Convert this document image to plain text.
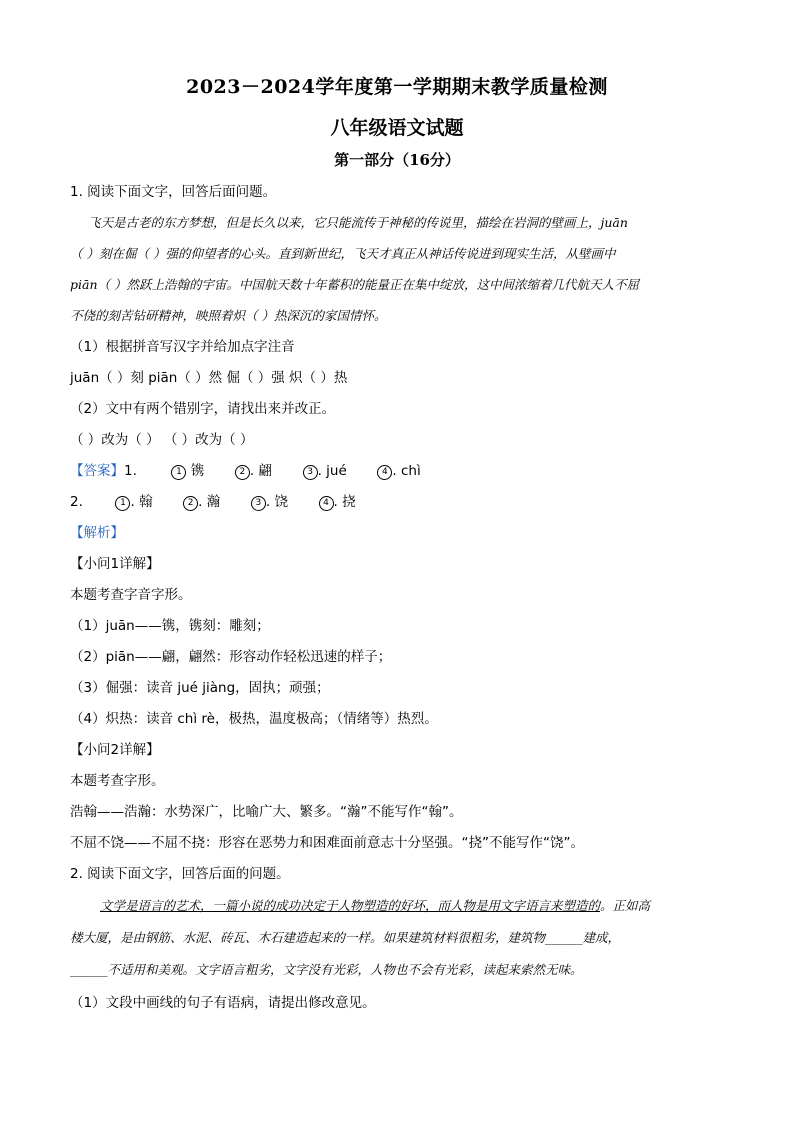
2023－2024学年度第一学期期末教学质量检测
八年级语文试题
第一部分（16分）
1. 阅读下面文字，回答后面问题。
飞天是古老的东方梦想，但是长久以来，它只能流传于神秘的传说里，描绘在岩洞的壁画上，juān
（ ）刻在倔（ ）强的仰望者的心头。直到新世纪，飞天才真正从神话传说进到现实生活，从壁画中
piān（ ）然跃上浩翰的宇宙。中国航天数十年蓄积的能量正在集中绽放，这中间浓缩着几代航天人不屈
不侥的刻苦钻研精神，映照着炽（ ）热深沉的家国情怀。
（1）根据拼音写汉字并给加点字注音
juān（ ）刻 piān（ ）然 倔（ ）强 炽（ ）热
（2）文中有两个错别字，请找出来并改正。
（ ）改为（ ） （ ）改为（ ）
【答案】1.	1 镌	2 . 翩	3 . jué	4 . chì
2.	1 . 翰	2 . 瀚	3 . 饶	4 . 挠
【解析】
【小问1详解】
本题考查字音字形。
（1）juān——镌，镌刻：雕刻；
（2）piān——翩，翩然：形容动作轻松迅速的样子；
（3）倔强：读音 jué jiàng，固执；顽强；
（4）炽热：读音 chì rè，极热，温度极高；（情绪等）热烈。
【小问2详解】
本题考查字形。
浩翰——浩瀚：水势深广，比喻广大、繁多。“瀚”不能写作“翰”。
不屈不饶——不屈不挠：形容在恶势力和困难面前意志十分坚强。“挠”不能写作“饶”。
2. 阅读下面文字，回答后面的问题。
文学是语言的艺术，一篇小说的成功决定于人物塑造的好坏，而人物是用文字语言来塑造的。正如高
楼大厦，是由钢筋、水泥、砖瓦、木石建造起来的一样。如果建筑材料很粗劣，建筑物______建成，
______不适用和美观。文字语言粗劣，文字没有光彩，人物也不会有光彩，读起来索然无味。
（1）文段中画线的句子有语病，请提出修改意见。
